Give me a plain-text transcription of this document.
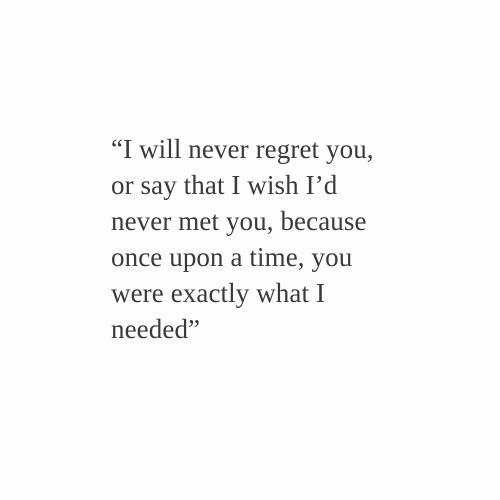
“I will never regret you,
or say that I wish I’d
never met you, because
once upon a time, you
were exactly what I
needed”
